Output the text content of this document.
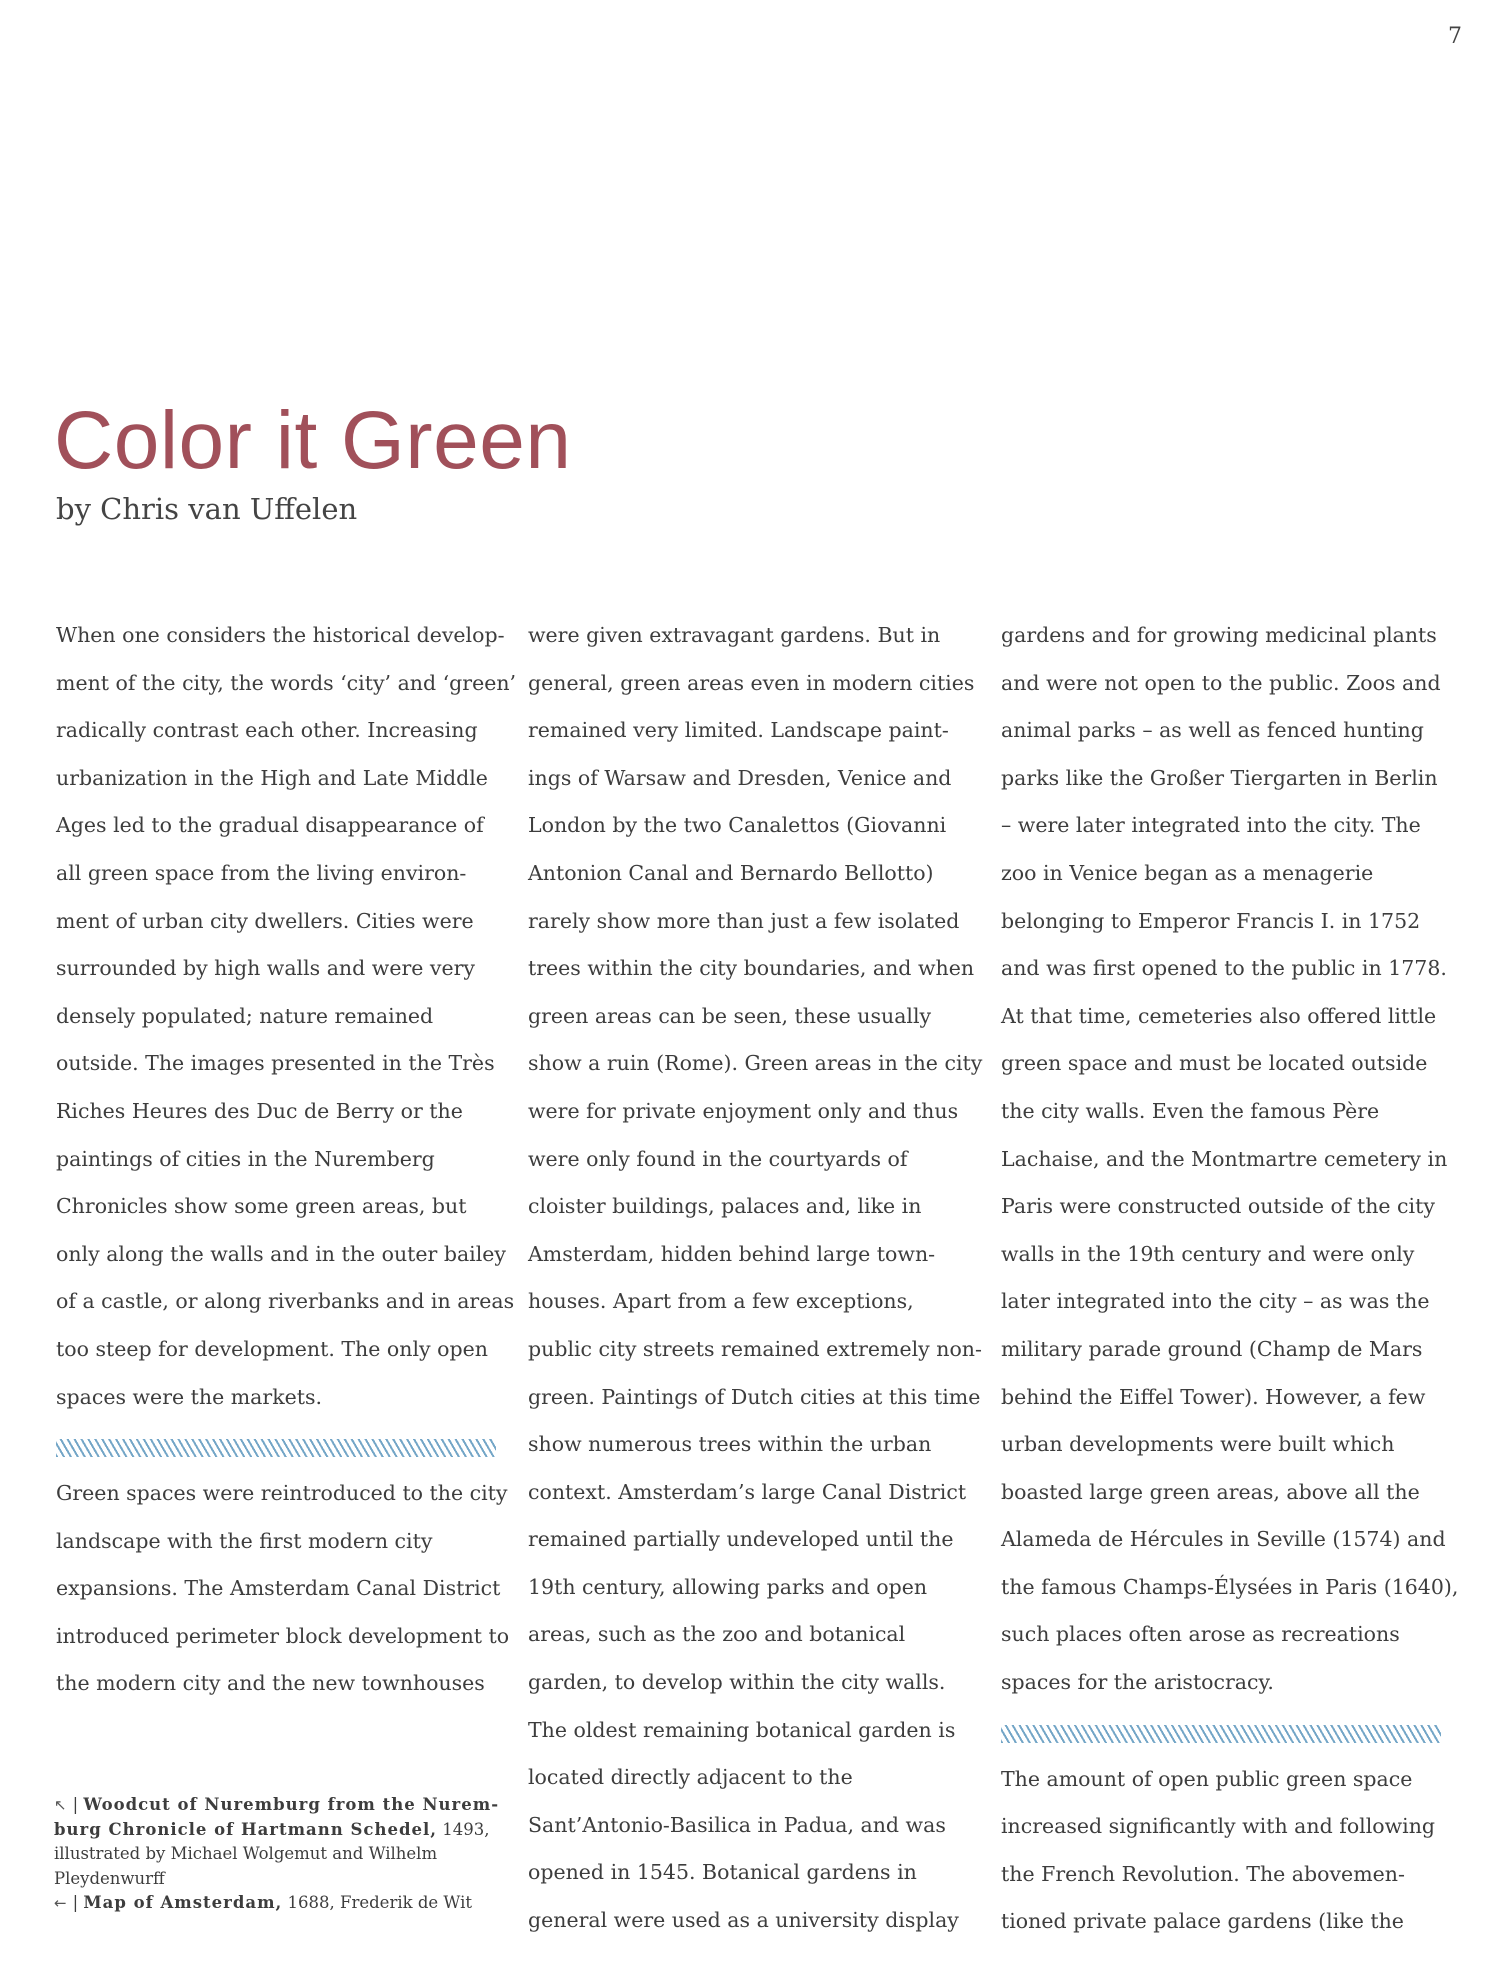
7
Color it Green
by Chris van Uffelen

When one considers the historical develop-
ment of the city, the words ‘city’ and ‘green’
radically contrast each other. Increasing
urbanization in the High and Late Middle
Ages led to the gradual disappearance of
all green space from the living environ-
ment of urban city dwellers. Cities were
surrounded by high walls and were very
densely populated; nature remained
outside. The images presented in the Très
Riches Heures des Duc de Berry or the
paintings of cities in the Nuremberg
Chronicles show some green areas, but
only along the walls and in the outer bailey
of a castle, or along riverbanks and in areas
too steep for development. The only open
spaces were the markets.

Green spaces were reintroduced to the city
landscape with the first modern city
expansions. The Amsterdam Canal District
introduced perimeter block development to
the modern city and the new townhouses

were given extravagant gardens. But in
general, green areas even in modern cities
remained very limited. Landscape paint-
ings of Warsaw and Dresden, Venice and
London by the two Canalettos (Giovanni
Antonion Canal and Bernardo Bellotto)
rarely show more than just a few isolated
trees within the city boundaries, and when
green areas can be seen, these usually
show a ruin (Rome). Green areas in the city
were for private enjoyment only and thus
were only found in the courtyards of
cloister buildings, palaces and, like in
Amsterdam, hidden behind large town-
houses. Apart from a few exceptions,
public city streets remained extremely non-
green. Paintings of Dutch cities at this time
show numerous trees within the urban
context. Amsterdam’s large Canal District
remained partially undeveloped until the
19th century, allowing parks and open
areas, such as the zoo and botanical
garden, to develop within the city walls.
The oldest remaining botanical garden is
located directly adjacent to the
Sant’Antonio-Basilica in Padua, and was
opened in 1545. Botanical gardens in
general were used as a university display

gardens and for growing medicinal plants
and were not open to the public. Zoos and
animal parks – as well as fenced hunting
parks like the Großer Tiergarten in Berlin
– were later integrated into the city. The
zoo in Venice began as a menagerie
belonging to Emperor Francis I. in 1752
and was first opened to the public in 1778.
At that time, cemeteries also offered little
green space and must be located outside
the city walls. Even the famous Père
Lachaise, and the Montmartre cemetery in
Paris were constructed outside of the city
walls in the 19th century and were only
later integrated into the city – as was the
military parade ground (Champ de Mars
behind the Eiffel Tower). However, a few
urban developments were built which
boasted large green areas, above all the
Alameda de Hércules in Seville (1574) and
the famous Champs-Élysées in Paris (1640),
such places often arose as recreations
spaces for the aristocracy.

The amount of open public green space
increased significantly with and following
the French Revolution. The abovemen-
tioned private palace gardens (like the

↖ | Woodcut of Nuremburg from the Nurem-
burg Chronicle of Hartmann Schedel, 1493,
illustrated by Michael Wolgemut and Wilhelm
Pleydenwurff
← | Map of Amsterdam, 1688, Frederik de Wit
